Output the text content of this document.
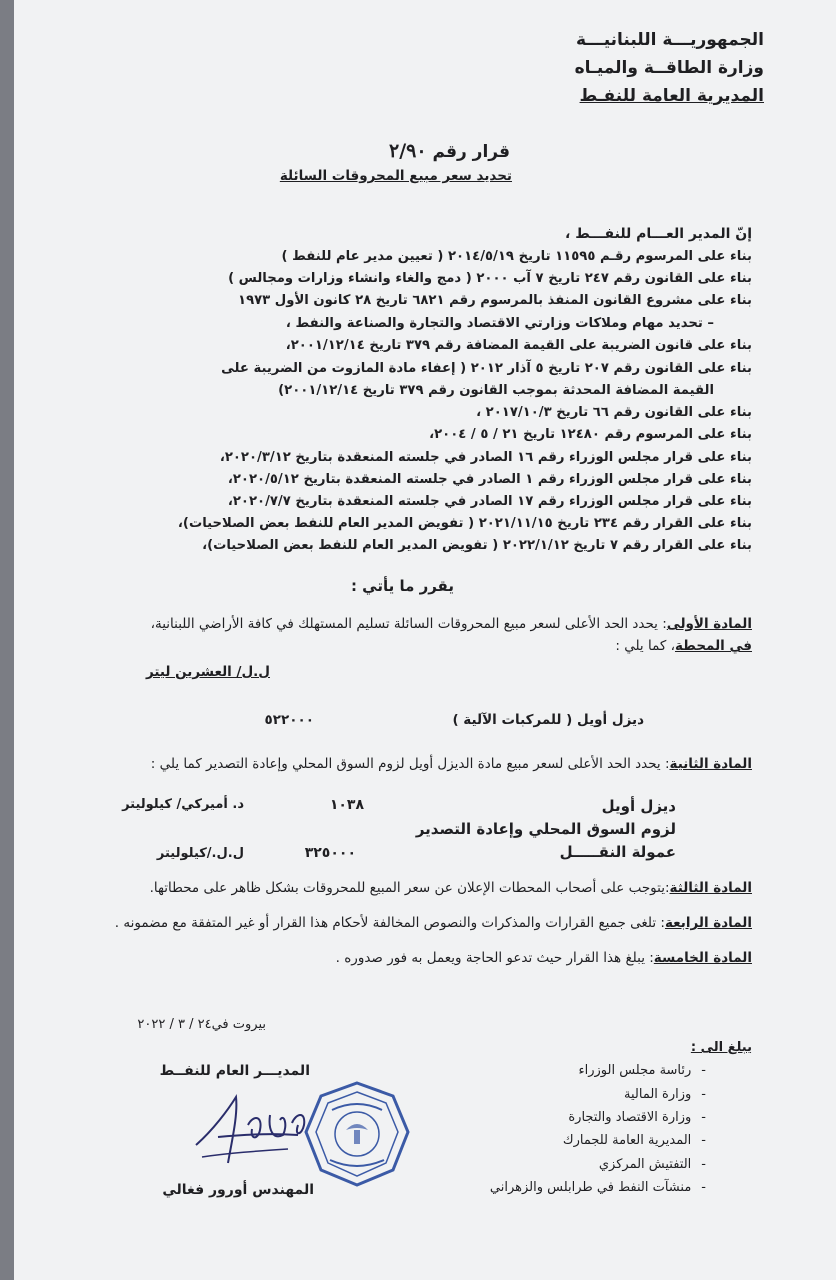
الجمهوريـــة اللبنانيـــة
وزارة الطاقــة والميـاه
المديرية العامة للنفـط
قرار رقم ٢/٩٠
تحديد سعر مبيع المحروقات السائلة
إنّ المدير العـــام للنفـــط ،
بناء على المرسوم رقـم ١١٥٩٥ تاريخ ٢٠١٤/٥/١٩ ( تعيين مدير عام للنفط )
بناء على القانون رقم ٢٤٧ تاريخ ٧ آب ٢٠٠٠ ( دمج والغاء وانشاء وزارات ومجالس )
بناء على مشروع القانون المنفذ بالمرسوم رقم ٦٨٢١ تاريخ ٢٨ كانون الأول ١٩٧٣
– تحديد مهام وملاكات وزارتي الاقتصاد والتجارة والصناعة والنفط ،
بناء على قانون الضريبة على القيمة المضافة رقم ٣٧٩ تاريخ ٢٠٠١/١٢/١٤،
بناء على القانون رقم ٢٠٧ تاريخ ٥ آذار ٢٠١٢ ( إعفاء مادة المازوت من الضريبة على
القيمة المضافة المحدثة بموجب القانون رقم ٣٧٩ تاريخ ٢٠٠١/١٢/١٤)
بناء على القانون رقم ٦٦ تاريخ ٢٠١٧/١٠/٣ ،
بناء على المرسوم رقم ١٢٤٨٠ تاريخ ٢١ / ٥ / ٢٠٠٤،
بناء على قرار مجلس الوزراء رقم ١٦ الصادر في جلسته المنعقدة بتاريخ ٢٠٢٠/٣/١٢،
بناء على قرار مجلس الوزراء رقم ١ الصادر في جلسته المنعقدة بتاريخ ٢٠٢٠/٥/١٢،
بناء على قرار مجلس الوزراء رقم ١٧ الصادر في جلسته المنعقدة بتاريخ ٢٠٢٠/٧/٧،
بناء على القرار رقم ٢٣٤ تاريخ ٢٠٢١/١١/١٥ ( تفويض المدير العام للنفط بعض الصلاحيات)،
بناء على القرار رقم ٧ تاريخ ٢٠٢٢/١/١٢ ( تفويض المدير العام للنفط بعض الصلاحيات)،
يقرر ما يأتي :
المادة الأولى: يحدد الحد الأعلى لسعر مبيع المحروقات السائلة تسليم المستهلك في كافة الأراضي اللبنانية،
في المحطة، كما يلي :
ل.ل/ العشرين ليتر
ديزل أويل ( للمركبات الآلية )
٥٢٢٠٠٠
المادة الثانية: يحدد الحد الأعلى لسعر مبيع مادة الديزل أويل لزوم السوق المحلي وإعادة التصدير كما يلي :
ديزل أويل
١٠٣٨
د. أميركي/ كيلوليتر
لزوم السوق المحلي وإعادة التصدير
عمولة النقـــــل
٣٢٥٠٠٠
ل.ل./كيلوليتر
المادة الثالثة:يتوجب على أصحاب المحطات الإعلان عن سعر المبيع للمحروقات بشكل ظاهر على محطاتها.
المادة الرابعة: تلغى جميع القرارات والمذكرات والنصوص المخالفة لأحكام هذا القرار أو غير المتفقة مع مضمونه .
المادة الخامسة: يبلغ هذا القرار حيث تدعو الحاجة ويعمل به فور صدوره .
بيروت في٢٤ / ٣ / ٢٠٢٢
يبلغ الى :
-رئاسة مجلس الوزراء
-وزارة المالية
-وزارة الاقتصاد والتجارة
-المديرية العامة للجمارك
-التفتيش المركزي
-منشآت النفط في طرابلس والزهراني
المديـــر العام للنفــط
المهندس أورور فغالي
